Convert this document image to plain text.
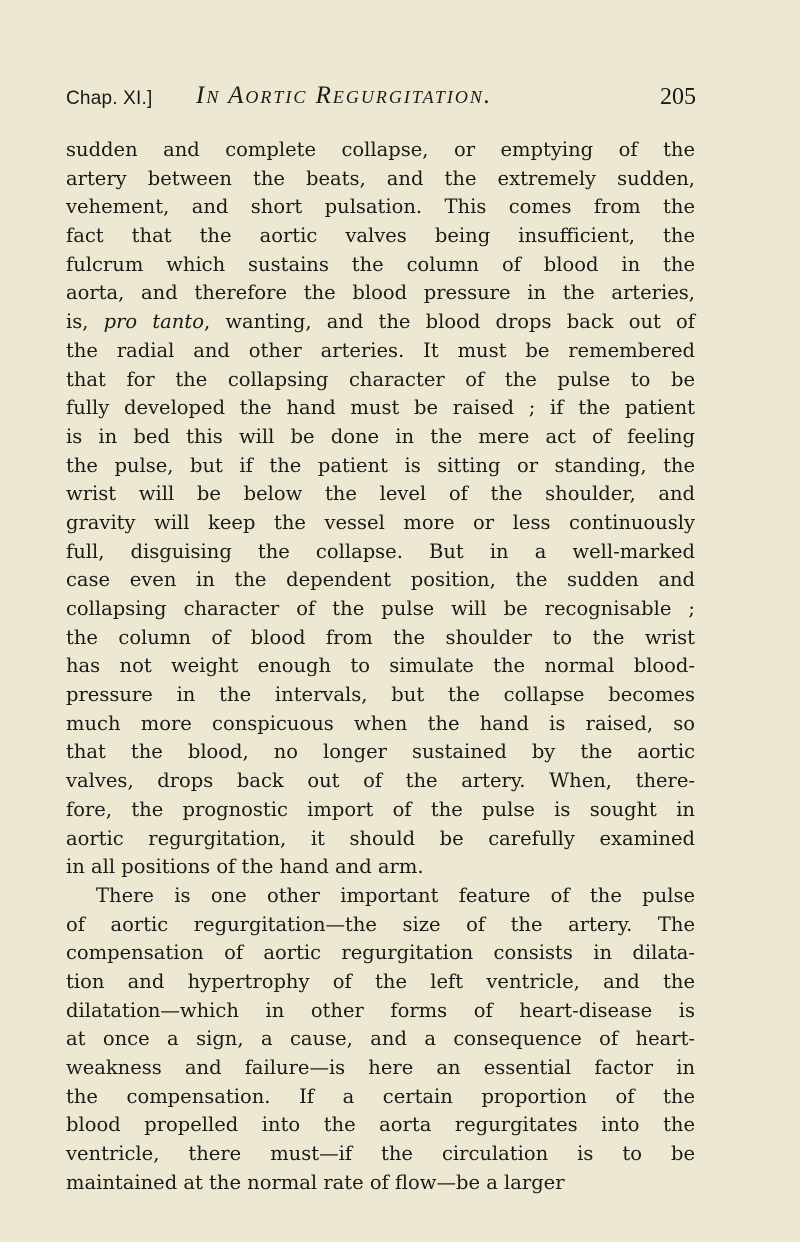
Chap. XI.] In Aortic Regurgitation.	205
sudden and complete collapse, or emptying of the
artery between the beats, and the extremely sudden,
vehement, and short pulsation. This comes from the
fact that the aortic valves being insufficient, the
fulcrum which sustains the column of blood in the
aorta, and therefore the blood pressure in the arteries,
is, pro tanto, wanting, and the blood drops back out of
the radial and other arteries. It must be remembered
that for the collapsing character of the pulse to be
fully developed the hand must be raised ; if the patient
is in bed this will be done in the mere act of feeling
the pulse, but if the patient is sitting or standing, the
wrist will be below the level of the shoulder, and
gravity will keep the vessel more or less continuously
full, disguising the collapse. But in a well-marked
case even in the dependent position, the sudden and
collapsing character of the pulse will be recognisable ;
the column of blood from the shoulder to the wrist
has not weight enough to simulate the normal blood-
pressure in the intervals, but the collapse becomes
much more conspicuous when the hand is raised, so
that the blood, no longer sustained by the aortic
valves, drops back out of the artery. When, there-
fore, the prognostic import of the pulse is sought in
aortic regurgitation, it should be carefully examined
in all positions of the hand and arm.
There is one other important feature of the pulse
of aortic regurgitation—the size of the artery. The
compensation of aortic regurgitation consists in dilata-
tion and hypertrophy of the left ventricle, and the
dilatation—which in other forms of heart-disease is
at once a sign, a cause, and a consequence of heart-
weakness and failure—is here an essential factor in
the compensation. If a certain proportion of the
blood propelled into the aorta regurgitates into the
ventricle, there must—if the circulation is to be
maintained at the normal rate of flow—be a larger
